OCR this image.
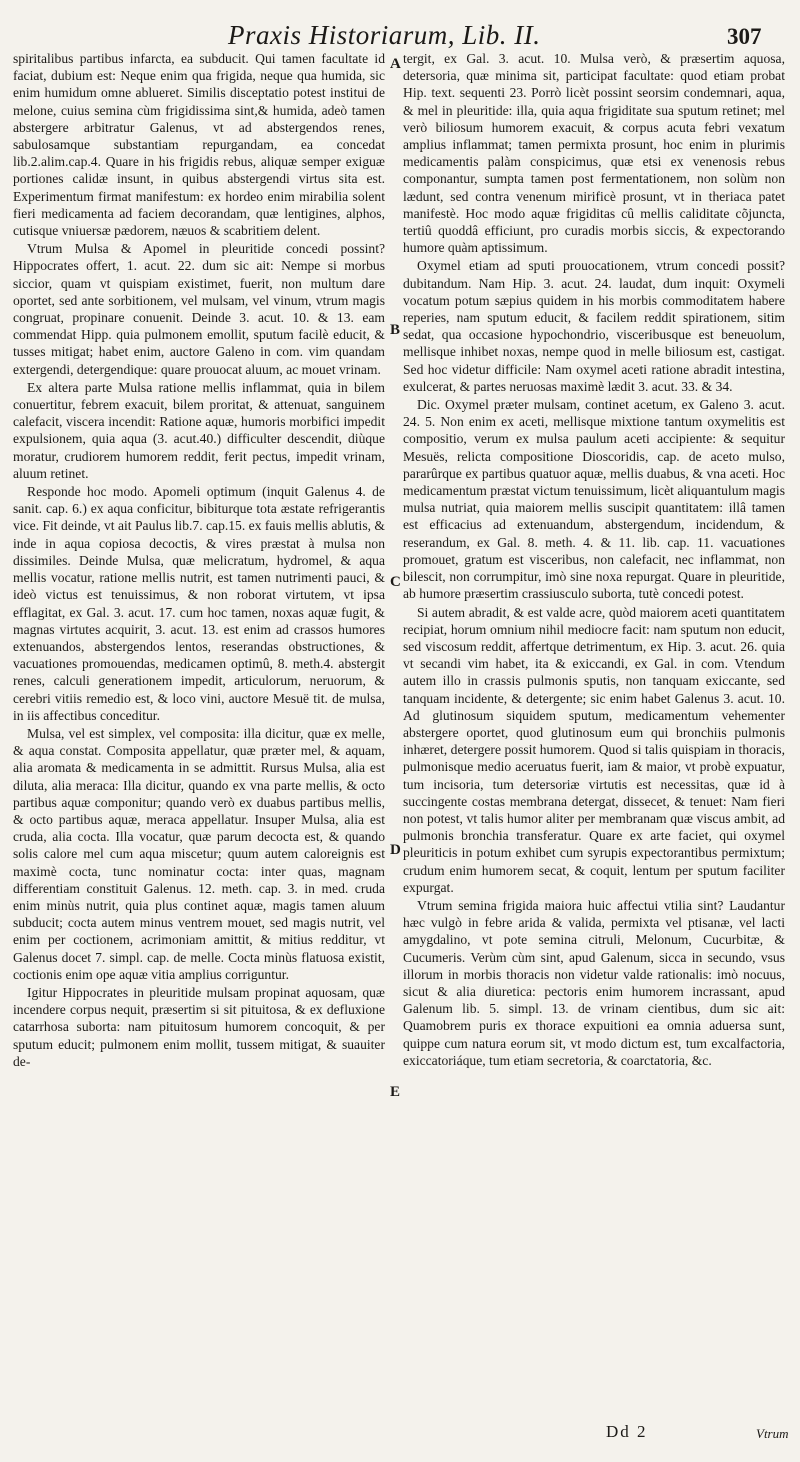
Praxis Historiarum, Lib. II.	307

spiritalibus partibus infarcta, ea subducit. Qui tamen facultate id faciat, dubium est: Neque enim qua frigida, neque qua humida, sic enim humidum omne ablueret. Similis disceptatio potest institui de melone, cuius semina cùm frigidissima sint,& humida, adeò tamen abstergere arbitratur Galenus, vt ad abstergendos renes, sabulosamque substantiam repurgandam, ea concedat lib.2.alim.cap.4. Quare in his frigidis rebus, aliquæ semper exiguæ portiones calidæ insunt, in quibus abstergendi virtus sita est. Experimentum firmat manifestum: ex hordeo enim mirabilia solent fieri medicamenta ad faciem decorandam, quæ lentigines, alphos, cutisque vniuersæ pædorem, næuos & scabritiem delent.

Vtrum Mulsa & Apomel in pleuritide concedi possint? Hippocrates offert, 1. acut. 22. dum sic ait: Nempe si morbus siccior, quam vt quispiam existimet, fuerit, non multum dare oportet, sed ante sorbitionem, vel mulsam, vel vinum, vtrum magis congruat, propinare conuenit. Deinde 3. acut. 10. & 13. eam commendat Hipp. quia pulmonem emollit, sputum facilè educit, & tusses mitigat; habet enim, auctore Galeno in com. vim quandam extergendi, detergendique: quare prouocat aluum, ac mouet vrinam.

Ex altera parte Mulsa ratione mellis inflammat, quia in bilem conuertitur, febrem exacuit, bilem proritat, & attenuat, sanguinem calefacit, viscera incendit: Ratione aquæ, humoris morbifici impedit expulsionem, quia aqua (3. acut.40.) difficulter descendit, diùque moratur, crudiorem humorem reddit, ferit pectus, impedit vrinam, aluum retinet.

Responde hoc modo. Apomeli optimum (inquit Galenus 4. de sanit. cap. 6.) ex aqua conficitur, bibiturque tota æstate refrigerantis vice. Fit deinde, vt ait Paulus lib.7. cap.15. ex fauis mellis ablutis, & inde in aqua copiosa decoctis, & vires præstat à mulsa non dissimiles. Deinde Mulsa, quæ melicratum, hydromel, & aqua mellis vocatur, ratione mellis nutrit, est tamen nutrimenti pauci, & ideò victus est tenuissimus, & non roborat virtutem, vt ipsa efflagitat, ex Gal. 3. acut. 17. cum hoc tamen, noxas aquæ fugit, & magnas virtutes acquirit, 3. acut. 13. est enim ad crassos humores extenuandos, abstergendos lentos, reserandas obstructiones, & vacuationes promouendas, medicamen optimû, 8. meth.4. abstergit renes, calculi generationem impedit, articulorum, neruorum, & cerebri vitiis remedio est, & loco vini, auctore Mesuë tit. de mulsa, in iis affectibus conceditur.

Mulsa, vel est simplex, vel composita: illa dicitur, quæ ex melle, & aqua constat. Composita appellatur, quæ præter mel, & aquam, alia aromata & medicamenta in se admittit. Rursus Mulsa, alia est diluta, alia meraca: Illa dicitur, quando ex vna parte mellis, & octo partibus aquæ componitur; quando verò ex duabus partibus mellis, & octo partibus aquæ, meraca appellatur. Insuper Mulsa, alia est cruda, alia cocta. Illa vocatur, quæ parum decocta est, & quando solis calore mel cum aqua miscetur; quum autem caloreignis est maximè cocta, tunc nominatur cocta: inter quas, magnam differentiam constituit Galenus. 12. meth. cap. 3. in med. cruda enim minùs nutrit, quia plus continet aquæ, magis tamen aluum subducit; cocta autem minus ventrem mouet, sed magis nutrit, vel enim per coctionem, acrimoniam amittit, & mitius redditur, vt Galenus docet 7. simpl. cap. de melle. Cocta minùs flatuosa existit, coctionis enim ope aquæ vitia amplius corriguntur.

Igitur Hippocrates in pleuritide mulsam propinat aquosam, quæ incendere corpus nequit, præsertim si sit pituitosa, & ex defluxione catarrhosa suborta: nam pituitosum humorem concoquit, & per sputum educit; pulmonem enim mollit, tussem mitigat, & suauiter de-

A
B
C
D
E

tergit, ex Gal. 3. acut. 10. Mulsa verò, & præsertim aquosa, detersoria, quæ minima sit, participat facultate: quod etiam probat Hip. text. sequenti 23. Porrò licèt possint seorsim condemnari, aqua, & mel in pleuritide: illa, quia aqua frigiditate sua sputum retinet; mel verò biliosum humorem exacuit, & corpus acuta febri vexatum amplius inflammat; tamen permixta prosunt, hoc enim in plurimis medicamentis palàm conspicimus, quæ etsi ex venenosis rebus componantur, sumpta tamen post fermentationem, non solùm non lædunt, sed contra venenum mirificè prosunt, vt in theriaca patet manifestè. Hoc modo aquæ frigiditas cû mellis caliditate cõjuncta, tertiû quoddâ efficiunt, pro curadis morbis siccis, & expectorando humore quàm aptissimum.

Oxymel etiam ad sputi prouocationem, vtrum concedi possit? dubitandum. Nam Hip. 3. acut. 24. laudat, dum inquit: Oxymeli vocatum potum sæpius quidem in his morbis commoditatem habere reperies, nam sputum educit, & facilem reddit spirationem, sitim sedat, qua occasione hypochondrio, visceribusque est beneuolum, mellisque inhibet noxas, nempe quod in melle biliosum est, castigat. Sed hoc videtur difficile: Nam oxymel aceti ratione abradit intestina, exulcerat, & partes neruosas maximè lædit 3. acut. 33. & 34.

Dic. Oxymel præter mulsam, continet acetum, ex Galeno 3. acut. 24. 5. Non enim ex aceti, mellisque mixtione tantum oxymelitis est compositio, verum ex mulsa paulum aceti accipiente: & sequitur Mesuës, relicta compositione Dioscoridis, cap. de aceto mulso, pararûrque ex partibus quatuor aquæ, mellis duabus, & vna aceti. Hoc medicamentum præstat victum tenuissimum, licèt aliquantulum magis mulsa nutriat, quia maiorem mellis suscipit quantitatem: illâ tamen est efficacius ad extenuandum, abstergendum, incidendum, & reserandum, ex Gal. 8. meth. 4. & 11. lib. cap. 11. vacuationes promouet, gratum est visceribus, non calefacit, nec inflammat, non bilescit, non corrumpitur, imò sine noxa repurgat. Quare in pleuritide, ab humore præsertim crassiusculo suborta, tutè concedi potest.

Si autem abradit, & est valde acre, quòd maiorem aceti quantitatem recipiat, horum omnium nihil mediocre facit: nam sputum non educit, sed viscosum reddit, affertque detrimentum, ex Hip. 3. acut. 26. quia vt secandi vim habet, ita & exiccandi, ex Gal. in com. Vtendum autem illo in crassis pulmonis sputis, non tanquam exiccante, sed tanquam incidente, & detergente; sic enim habet Galenus 3. acut. 10. Ad glutinosum siquidem sputum, medicamentum vehementer abstergere oportet, quod glutinosum eum qui bronchiis pulmonis inhæret, detergere possit humorem. Quod si talis quispiam in thoracis, pulmonisque medio aceruatus fuerit, iam & maior, vt probè expuatur, tum incisoria, tum detersoriæ virtutis est necessitas, quæ id à succingente costas membrana detergat, dissecet, & tenuet: Nam fieri non potest, vt talis humor aliter per membranam quæ viscus ambit, ad pulmonis bronchia transferatur. Quare ex arte faciet, qui oxymel pleuriticis in potum exhibet cum syrupis expectorantibus permixtum; crudum enim humorem secat, & coquit, lentum per sputum faciliter expurgat.

Vtrum semina frigida maiora huic affectui vtilia sint? Laudantur hæc vulgò in febre arida & valida, permixta vel ptisanæ, vel lacti amygdalino, vt pote semina citruli, Melonum, Cucurbitæ, & Cucumeris. Verùm cùm sint, apud Galenum, sicca in secundo, vsus illorum in morbis thoracis non videtur valde rationalis: imò nocuus, sicut & alia diuretica: pectoris enim humorem incrassant, apud Galenum lib. 5. simpl. 13. de vrinam cientibus, dum sic ait: Quamobrem puris ex thorace expuitioni ea omnia aduersa sunt, quippe cum natura eorum sit, vt modo dictum est, tum excalfactoria, exiccatoriáque, tum etiam secretoria, & coarctatoria, &c.

Dd 2	Vtrum
